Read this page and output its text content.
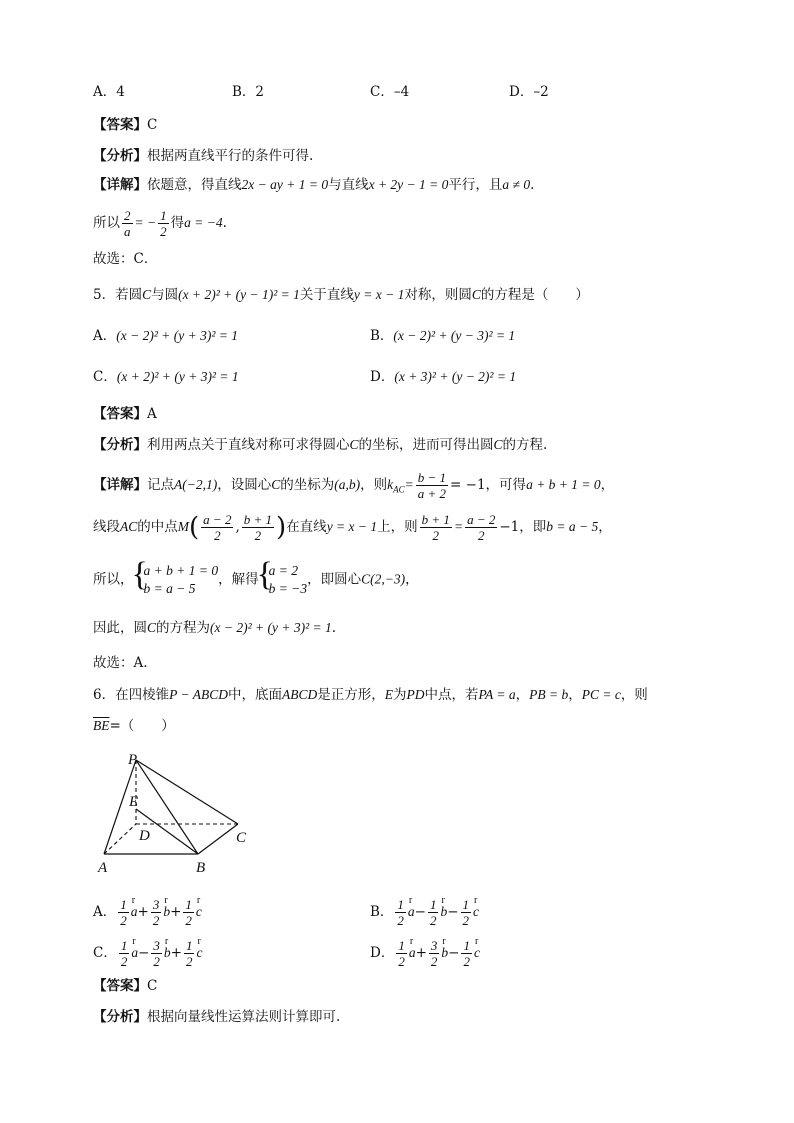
A．4	B．2	C．–4	D．–2
【答案】C
【分析】根据两直线平行的条件可得.
【详解】依题意，得直线2x − ay + 1 = 0与直线x + 2y − 1 = 0平行，且a ≠ 0.
所以 $\frac{2}{a}$ = − $\frac{1}{2}$ 得a = −4.
故选：C．
5．若圆C与圆(x + 2)² + (y − 1)² = 1关于直线y = x − 1对称，则圆C的方程是（　　）
A．(x − 2)² + (y + 3)² = 1	B．(x − 2)² + (y − 3)² = 1
C．(x + 2)² + (y + 3)² = 1	D．(x + 3)² + (y − 2)² = 1
【答案】A
【分析】利用两点关于直线对称可求得圆心C的坐标，进而可得出圆C的方程.
【详解】记点A(−2,1)，设圆心C的坐标为(a,b)，则$k_{AC}= \frac{b - 1}{a + 2} = -1$，可得a + b + 1 = 0，
线段AC的中点$M( \frac{a - 2}{2}$ , $\frac{b + 1}{2}$ )在直线y = x − 1上，则 $\frac{b + 1}{2} = \frac{a - 2}{2} -1$，即b = a − 5，
所以，
{ a + b + 1 = 0
b = a − 5
，解得
{ a = 2
b = −3
，即圆心C(2,−3)，
因此，圆C的方程为(x − 2)² + (y + 3)² = 1.
故选：A.
6．在四棱锥P − ABCD中，底面ABCD是正方形，E为PD中点，若PA = a，PB = b，PC = c，则
$\overline{BE}=$（　　）
P
E
D	C
A	B
A． $\frac{1}{2}$ r $a+ \frac{3}{2}$ r $b+ \frac{1}{2}$ r c	B． $\frac{1}{2}$ r $a- \frac{1}{2}$ r $b- \frac{1}{2}$ r c
C． $\frac{1}{2}$ r $a- \frac{3}{2}$ r $b+ \frac{1}{2}$ r c	D． $\frac{1}{2}$ r $a+ \frac{3}{2}$ r $b- \frac{1}{2}$ r c
【答案】C
【分析】根据向量线性运算法则计算即可.
